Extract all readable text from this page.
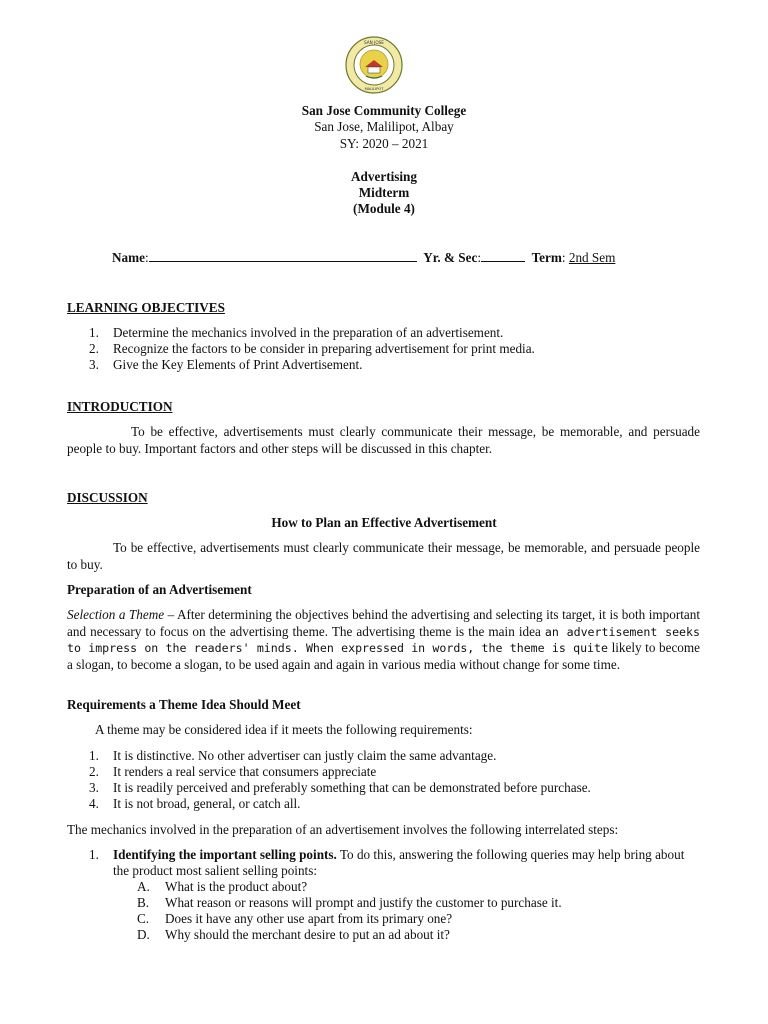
SAN JOSE
MALILIPOT
San Jose Community College
San Jose, Malilipot, Albay
SY: 2020 – 2021
Advertising
Midterm
(Module 4)
Name:	Yr. & Sec:	Term: 2nd Sem
LEARNING OBJECTIVES
1. Determine the mechanics involved in the preparation of an advertisement.
2. Recognize the factors to be consider in preparing advertisement for print media.
3. Give the Key Elements of Print Advertisement.
INTRODUCTION
To be effective, advertisements must clearly communicate their message, be memorable, and persuade people to buy. Important factors and other steps will be discussed in this chapter.
DISCUSSION
How to Plan an Effective Advertisement
To be effective, advertisements must clearly communicate their message, be memorable, and persuade people to buy.
Preparation of an Advertisement
Selection a Theme – After determining the objectives behind the advertising and selecting its target, it is both important and necessary to focus on the advertising theme. The advertising theme is the main idea an advertisement seeks to impress on the readers' minds. When expressed in words, the theme is quite likely to become a slogan, to become a slogan, to be used again and again in various media without change for some time.
Requirements a Theme Idea Should Meet
A theme may be considered idea if it meets the following requirements:
1. It is distinctive. No other advertiser can justly claim the same advantage.
2. It renders a real service that consumers appreciate
3. It is readily perceived and preferably something that can be demonstrated before purchase.
4. It is not broad, general, or catch all.
The mechanics involved in the preparation of an advertisement involves the following interrelated steps:
1.	Identifying the important selling points. To do this, answering the following queries may help bring about the product most salient selling points:
A. What is the product about?
B. What reason or reasons will prompt and justify the customer to purchase it.
C. Does it have any other use apart from its primary one?
D. Why should the merchant desire to put an ad about it?
